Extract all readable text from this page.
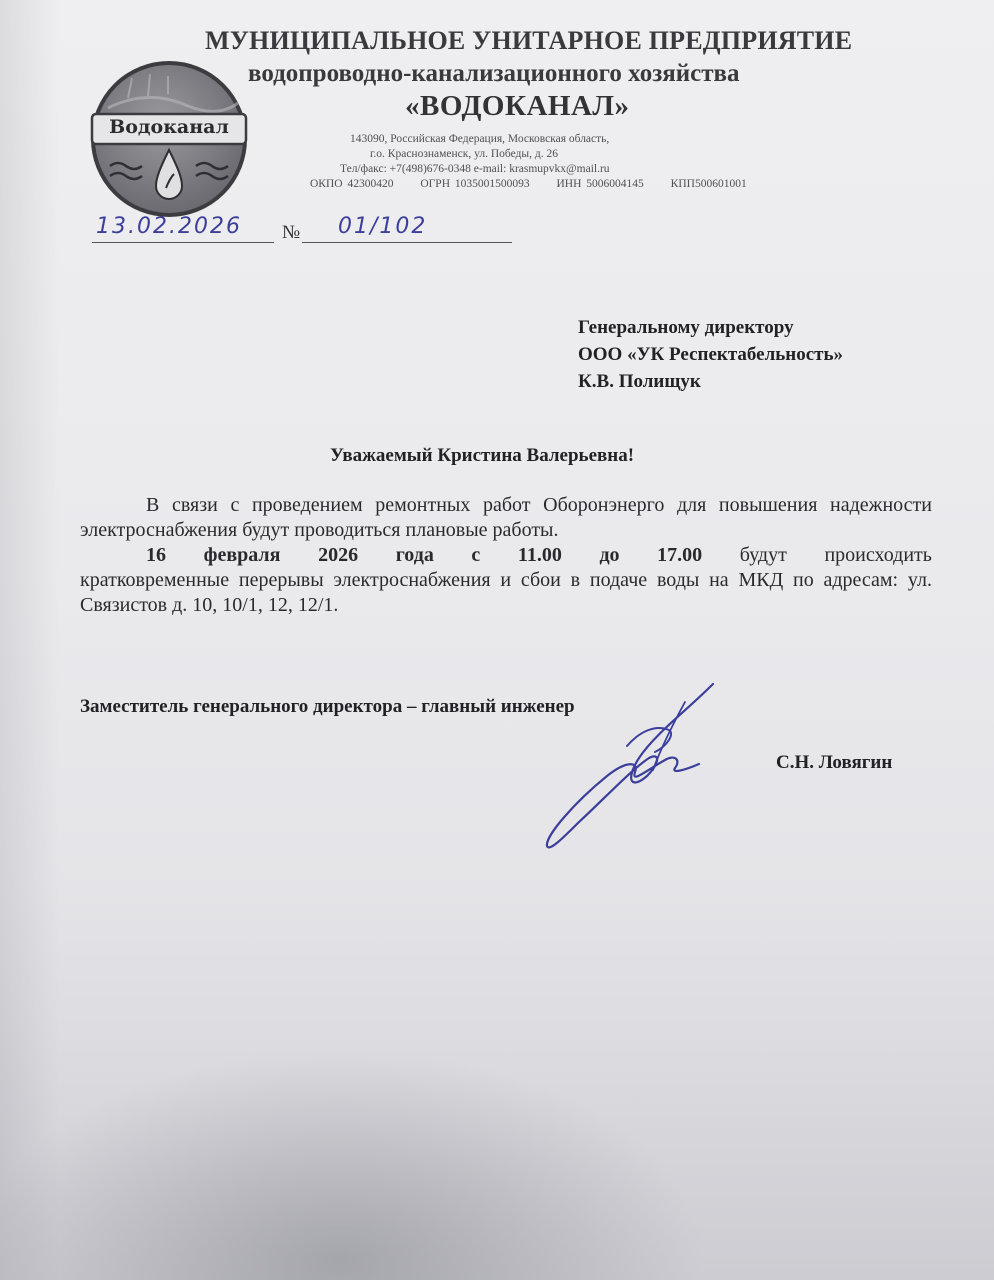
Водоканал
МУНИЦИПАЛЬНОЕ УНИТАРНОЕ ПРЕДПРИЯТИЕ
водопроводно-канализационного хозяйства
«ВОДОКАНАЛ»
143090, Российская Федерация, Московская область,
г.о. Краснознаменск, ул. Победы, д. 26
Тел/факс: +7(498)676-0348 e-mail: krasmupvkx@mail.ru
ОКПО 42300420 ОГРН 1035001500093 ИНН 5006004145 КПП500601001
13.02.2026 № 01/102
Генеральному директору
ООО «УК Респектабельность»
К.В. Полищук
Уважаемый Кристина Валерьевна!

В связи с проведением ремонтных работ Оборонэнерго для повышения надежности электроснабжения будут проводиться плановые работы.

16 февраля 2026 года с 11.00 до 17.00 будут происходить
кратковременные перерывы электроснабжения и сбои в подаче воды на МКД по адресам: ул. Связистов д. 10, 10/1, 12, 12/1.
Заместитель генерального директора – главный инженер
С.Н. Ловягин
